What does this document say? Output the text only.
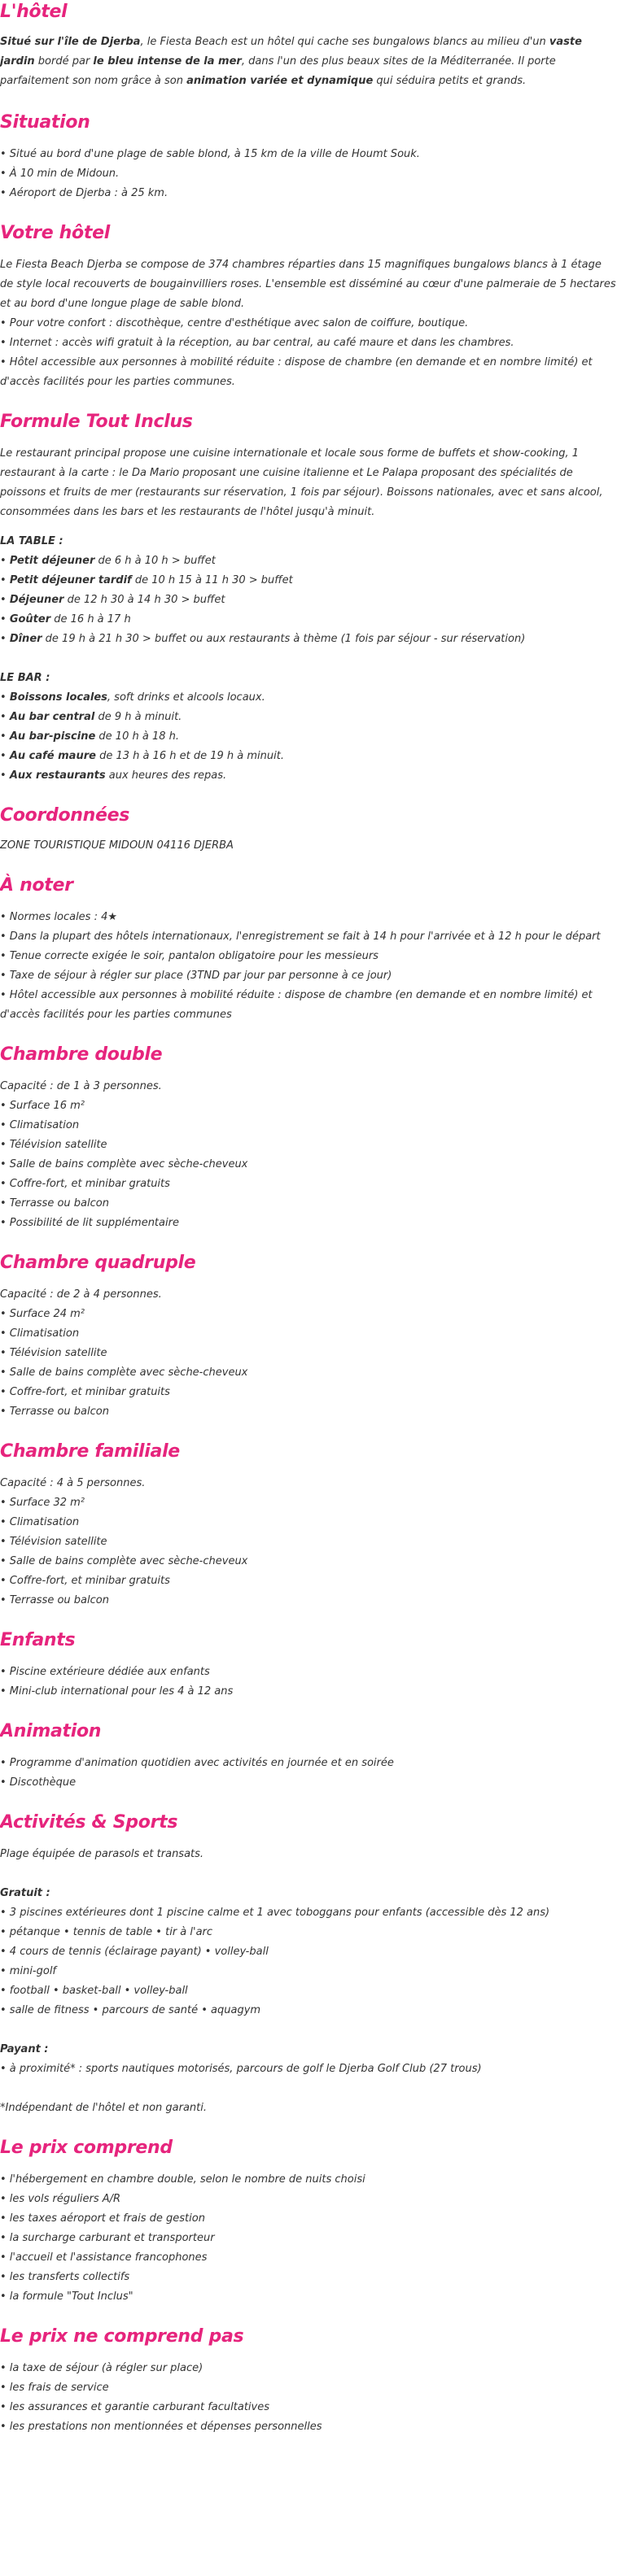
L'hôtel

Situé sur l'île de Djerba, le Fiesta Beach est un hôtel qui cache ses bungalows blancs au milieu d'un vaste jardin bordé par le bleu intense de la mer, dans l'un des plus beaux sites de la Méditerranée. Il porte parfaitement son nom grâce à son animation variée et dynamique qui séduira petits et grands.

Situation
• Situé au bord d'une plage de sable blond, à 15 km de la ville de Houmt Souk.
• À 10 min de Midoun.
• Aéroport de Djerba : à 25 km.
Votre hôtel

Le Fiesta Beach Djerba se compose de 374 chambres réparties dans 15 magnifiques bungalows blancs à 1 étage de style local recouverts de bougainvilliers roses. L'ensemble est disséminé au cœur d'une palmeraie de 5 hectares et au bord d'une longue plage de sable blond.

• Pour votre confort : discothèque, centre d'esthétique avec salon de coiffure, boutique.
• Internet : accès wifi gratuit à la réception, au bar central, au café maure et dans les chambres.
• Hôtel accessible aux personnes à mobilité réduite : dispose de chambre (en demande et en nombre limité) et d'accès facilités pour les parties communes.
Formule Tout Inclus

Le restaurant principal propose une cuisine internationale et locale sous forme de buffets et show-cooking, 1 restaurant à la carte : le Da Mario proposant une cuisine italienne et Le Palapa proposant des spécialités de poissons et fruits de mer (restaurants sur réservation, 1 fois par séjour). Boissons nationales, avec et sans alcool, consommées dans les bars et les restaurants de l'hôtel jusqu'à minuit.

LA TABLE :

• Petit déjeuner de 6 h à 10 h > buffet
• Petit déjeuner tardif de 10 h 15 à 11 h 30 > buffet
• Déjeuner de 12 h 30 à 14 h 30 > buffet
• Goûter de 16 h à 17 h
• Dîner de 19 h à 21 h 30 > buffet ou aux restaurants à thème (1 fois par séjour - sur réservation)

LE BAR :

• Boissons locales, soft drinks et alcools locaux.
• Au bar central de 9 h à minuit.
• Au bar-piscine de 10 h à 18 h.
• Au café maure de 13 h à 16 h et de 19 h à minuit.
• Aux restaurants aux heures des repas.
Coordonnées

ZONE TOURISTIQUE MIDOUN 04116 DJERBA

À noter
• Normes locales : 4★
• Dans la plupart des hôtels internationaux, l'enregistrement se fait à 14 h pour l'arrivée et à 12 h pour le départ
• Tenue correcte exigée le soir, pantalon obligatoire pour les messieurs
• Taxe de séjour à régler sur place (3TND par jour par personne à ce jour)
• Hôtel accessible aux personnes à mobilité réduite : dispose de chambre (en demande et en nombre limité) et d'accès facilités pour les parties communes
Chambre double
Capacité : de 1 à 3 personnes.
• Surface 16 m²
• Climatisation
• Télévision satellite
• Salle de bains complète avec sèche-cheveux
• Coffre-fort, et minibar gratuits
• Terrasse ou balcon
• Possibilité de lit supplémentaire
Chambre quadruple
Capacité : de 2 à 4 personnes.
• Surface 24 m²
• Climatisation
• Télévision satellite
• Salle de bains complète avec sèche-cheveux
• Coffre-fort, et minibar gratuits
• Terrasse ou balcon
Chambre familiale
Capacité : 4 à 5 personnes.
• Surface 32 m²
• Climatisation
• Télévision satellite
• Salle de bains complète avec sèche-cheveux
• Coffre-fort, et minibar gratuits
• Terrasse ou balcon
Enfants
• Piscine extérieure dédiée aux enfants
• Mini-club international pour les 4 à 12 ans
Animation
• Programme d'animation quotidien avec activités en journée et en soirée
• Discothèque
Activités & Sports

Plage équipée de parasols et transats.

Gratuit :

• 3 piscines extérieures dont 1 piscine calme et 1 avec toboggans pour enfants (accessible dès 12 ans)
• pétanque • tennis de table • tir à l'arc
• 4 cours de tennis (éclairage payant) • volley-ball
• mini-golf
• football • basket-ball • volley-ball
• salle de fitness • parcours de santé • aquagym

Payant :

• à proximité* : sports nautiques motorisés, parcours de golf le Djerba Golf Club (27 trous)

*Indépendant de l'hôtel et non garanti.

Le prix comprend
• l'hébergement en chambre double, selon le nombre de nuits choisi
• les vols réguliers A/R
• les taxes aéroport et frais de gestion
• la surcharge carburant et transporteur
• l'accueil et l'assistance francophones
• les transferts collectifs
• la formule "Tout Inclus"
Le prix ne comprend pas
• la taxe de séjour (à régler sur place)
• les frais de service
• les assurances et garantie carburant facultatives
• les prestations non mentionnées et dépenses personnelles
